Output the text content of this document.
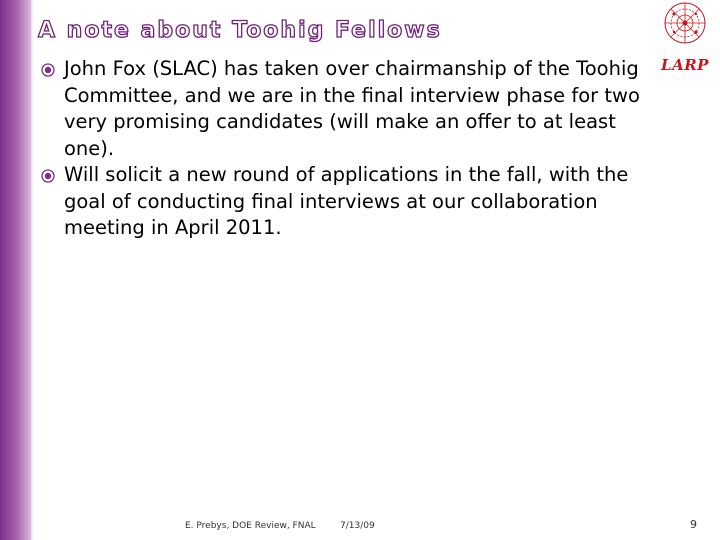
A note about Toohig Fellows
LARP
John Fox (SLAC) has taken over chairmanship of the Toohig Committee, and we are in the final interview phase for two very promising candidates (will make an offer to at least one).
Will solicit a new round of applications in the fall, with the goal of conducting final interviews at our collaboration meeting in April 2011.
E. Prebys, DOE Review, FNAL	7/13/09	9
